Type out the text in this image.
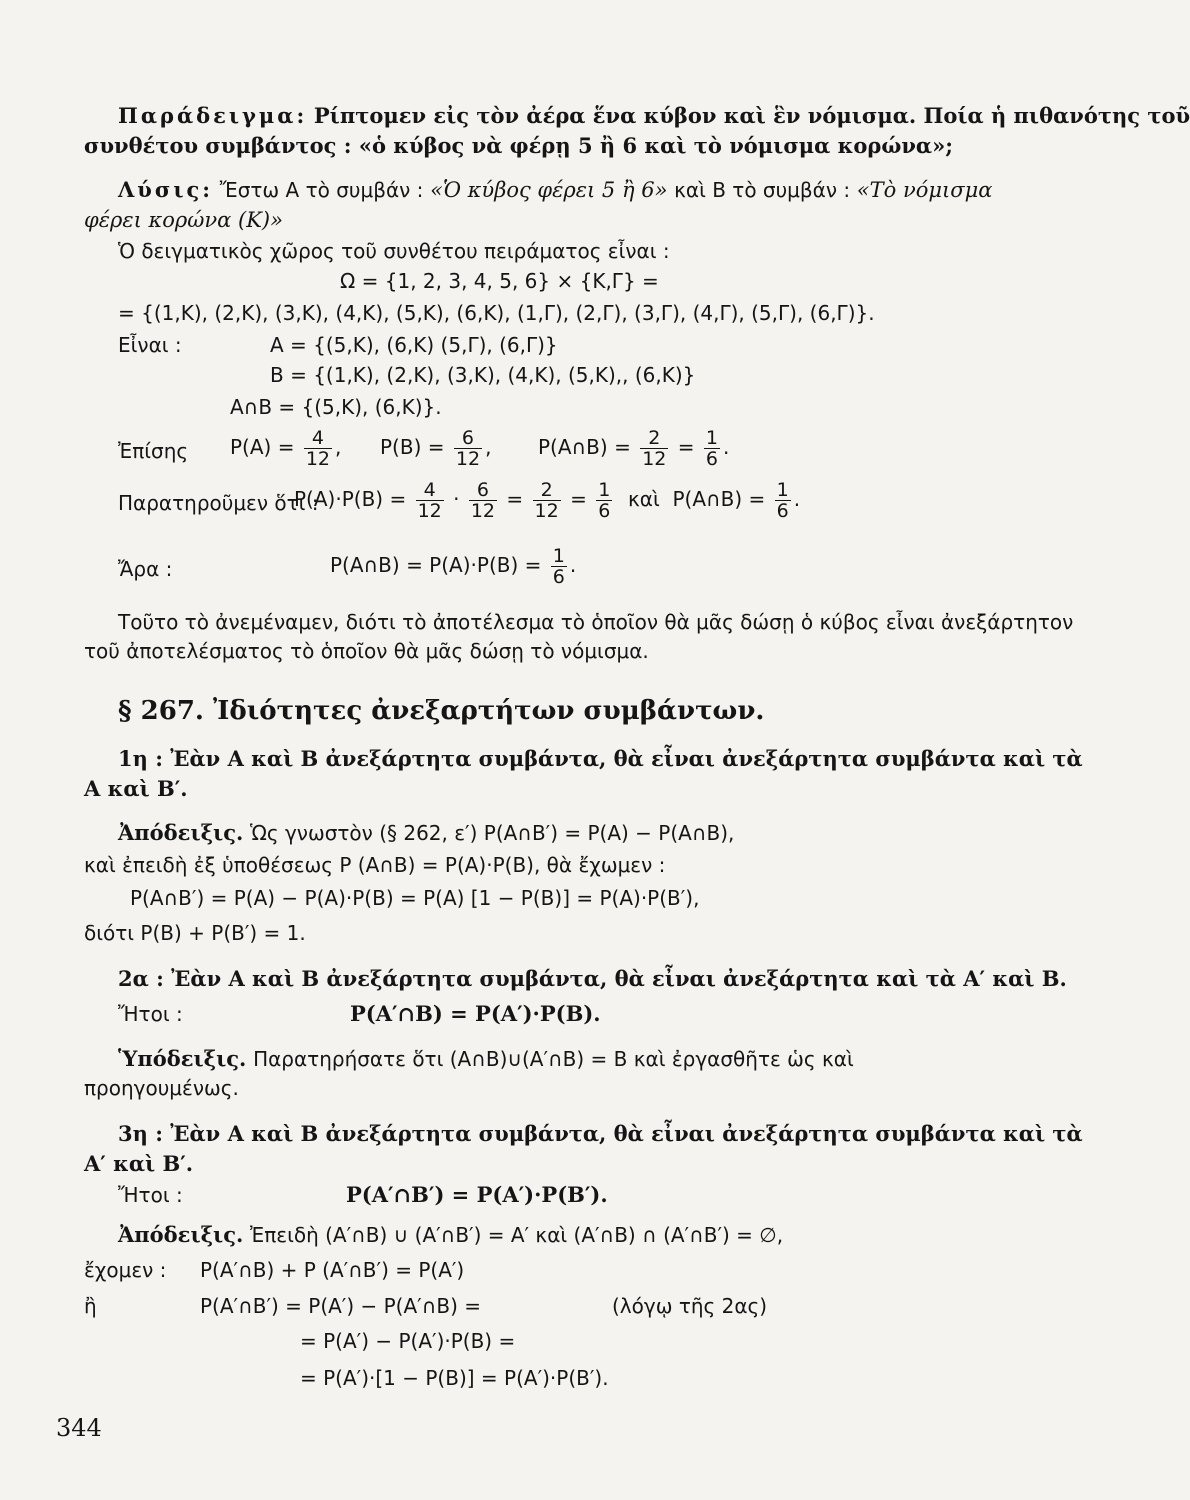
Παράδειγμα: Ρίπτομεν εἰς τὸν ἀέρα ἕνα κύβον καὶ ἓν νόμισμα. Ποία ἡ πιθανότης τοῦ
συνθέτου συμβάντος : «ὁ κύβος νὰ φέρῃ 5 ἢ 6 καὶ τὸ νόμισμα κορώνα»;
Λύσις: Ἔστω Α τὸ συμβάν : «Ὁ κύβος φέρει 5 ἢ 6» καὶ Β τὸ συμβάν : «Τὸ νόμισμα
φέρει κορώνα (Κ)»
Ὁ δειγματικὸς χῶρος τοῦ συνθέτου πειράματος εἶναι :
Ω = {1, 2, 3, 4, 5, 6} × {Κ,Γ} =
= {(1,Κ), (2,Κ), (3,Κ), (4,Κ), (5,Κ), (6,Κ), (1,Γ), (2,Γ), (3,Γ), (4,Γ), (5,Γ), (6,Γ)}.
Εἶναι :	Α = {(5,Κ), (6,Κ) (5,Γ), (6,Γ)}
Β = {(1,Κ), (2,Κ), (3,Κ), (4,Κ), (5,Κ),, (6,Κ)}
Α∩Β = {(5,Κ), (6,Κ)}.
Ἐπίσης $P(A) = \frac{4}{12}$ , $P(B) = \frac{6}{12}$ , P(A∩B) = $\frac{2}{12} = \frac{1}{6}$ .
Παρατηροῦμεν ὅτι :
$P(A)\cdot P(B) = \frac{4}{12} \cdot \frac{6}{12} = \frac{2}{12} = \frac{1}{6}$ καὶ P(A∩B) = $\frac{1}{6}$ .
Ἄρα :	P(A∩B) = $P(A)\cdot P(B) = \frac{1}{6}$ .
Τοῦτο τὸ ἀνεμέναμεν, διότι τὸ ἀποτέλεσμα τὸ ὁποῖον θὰ μᾶς δώσῃ ὁ κύβος εἶναι ἀνεξάρτητον
τοῦ ἀποτελέσματος τὸ ὁποῖον θὰ μᾶς δώσῃ τὸ νόμισμα.
§ 267. Ἰδιότητες ἀνεξαρτήτων συμβάντων.
1η : Ἐὰν Α καὶ Β ἀνεξάρτητα συμβάντα, θὰ εἶναι ἀνεξάρτητα συμβάντα καὶ τὰ
Α καὶ Β′.
Ἀπόδειξις. Ὡς γνωστὸν (§ 262, ε′) P(A∩B′) = P(A) − P(A∩B),
καὶ ἐπειδὴ ἐξ ὑποθέσεως P (A∩B) = P(A)·P(B), θὰ ἔχωμεν :
P(A∩B′) = P(A) − P(A)·P(B) = P(A) [1 − P(B)] = P(A)·P(B′),
διότι P(B) + P(B′) = 1.
2α : Ἐὰν Α καὶ Β ἀνεξάρτητα συμβάντα, θὰ εἶναι ἀνεξάρτητα καὶ τὰ Α′ καὶ Β.
Ἤτοι :	P(A′∩B) = P(A′)·P(B).
Ὑπόδειξις. Παρατηρήσατε ὅτι (Α∩Β)∪(Α′∩Β) = Β καὶ ἐργασθῆτε ὡς καὶ
προηγουμένως.
3η : Ἐὰν Α καὶ Β ἀνεξάρτητα συμβάντα, θὰ εἶναι ἀνεξάρτητα συμβάντα καὶ τὰ
Α′ καὶ Β′.
Ἤτοι :	P(A′∩B′) = P(A′)·P(B′).
Ἀπόδειξις. Ἐπειδὴ (Α′∩Β) ∪ (Α′∩Β′) = Α′ καὶ (Α′∩Β) ∩ (Α′∩Β′) = ∅,
ἔχομεν : P(A′∩B) + P (A′∩B′) = P(A′)
ἢ	P(A′∩B′) = P(A′) − P(A′∩B) =	(λόγῳ τῆς 2ας)
= P(A′) − P(A′)·P(B) =
= P(A′)·[1 − P(B)] = P(A′)·P(B′).
344
